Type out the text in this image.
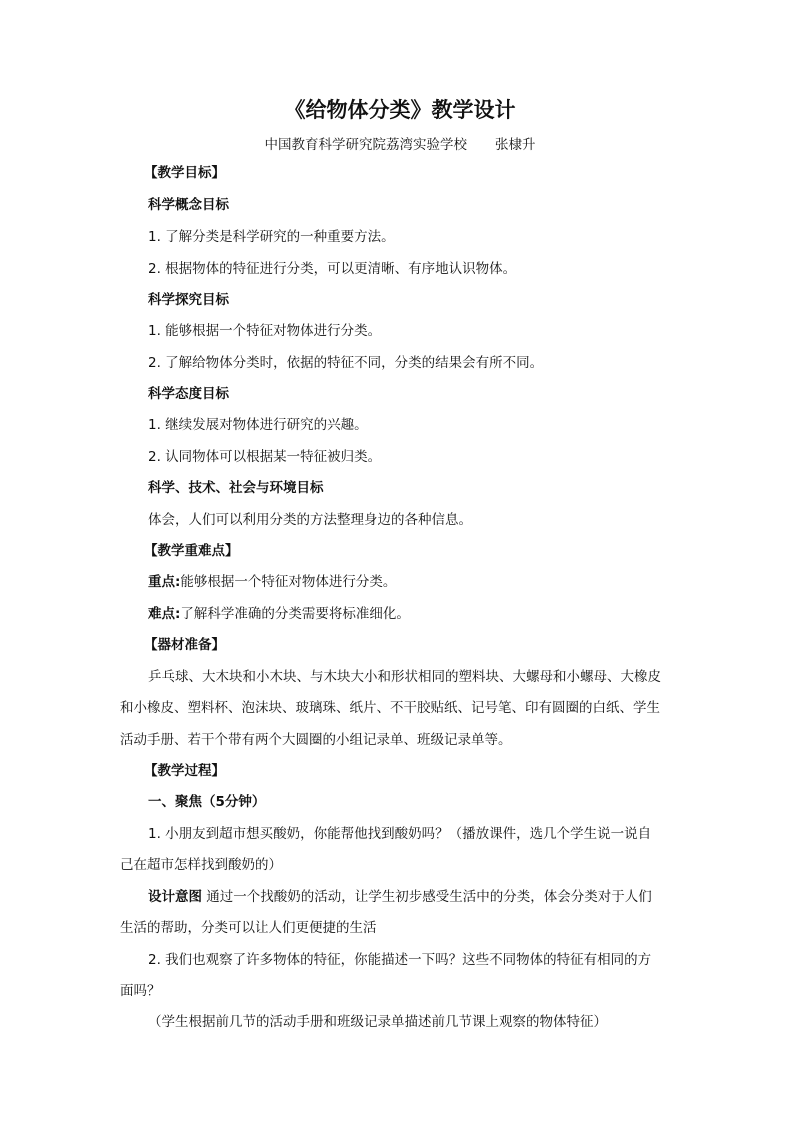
《给物体分类》教学设计
中国教育科学研究院荔湾实验学校 张棣升
【教学目标】
科学概念目标
1. 了解分类是科学研究的一种重要方法。
2. 根据物体的特征进行分类，可以更清晰、有序地认识物体。
科学探究目标
1. 能够根据一个特征对物体进行分类。
2. 了解给物体分类时，依据的特征不同，分类的结果会有所不同。
科学态度目标
1. 继续发展对物体进行研究的兴趣。
2. 认同物体可以根据某一特征被归类。
科学、技术、社会与环境目标
体会，人们可以利用分类的方法整理身边的各种信息。
【教学重难点】
重点:能够根据一个特征对物体进行分类。
难点:了解科学准确的分类需要将标准细化。
【器材准备】
乒乓球、大木块和小木块、与木块大小和形状相同的塑料块、大螺母和小螺母、大橡皮
和小橡皮、塑料杯、泡沫块、玻璃珠、纸片、不干胶贴纸、记号笔、印有圆圈的白纸、学生
活动手册、若干个带有两个大圆圈的小组记录单、班级记录单等。
【教学过程】
一、聚焦（5分钟）
1. 小朋友到超市想买酸奶，你能帮他找到酸奶吗？（播放课件，选几个学生说一说自
己在超市怎样找到酸奶的）
设计意图 通过一个找酸奶的活动，让学生初步感受生活中的分类，体会分类对于人们
生活的帮助，分类可以让人们更便捷的生活
2. 我们也观察了许多物体的特征，你能描述一下吗？这些不同物体的特征有相同的方
面吗？
（学生根据前几节的活动手册和班级记录单描述前几节课上观察的物体特征）
